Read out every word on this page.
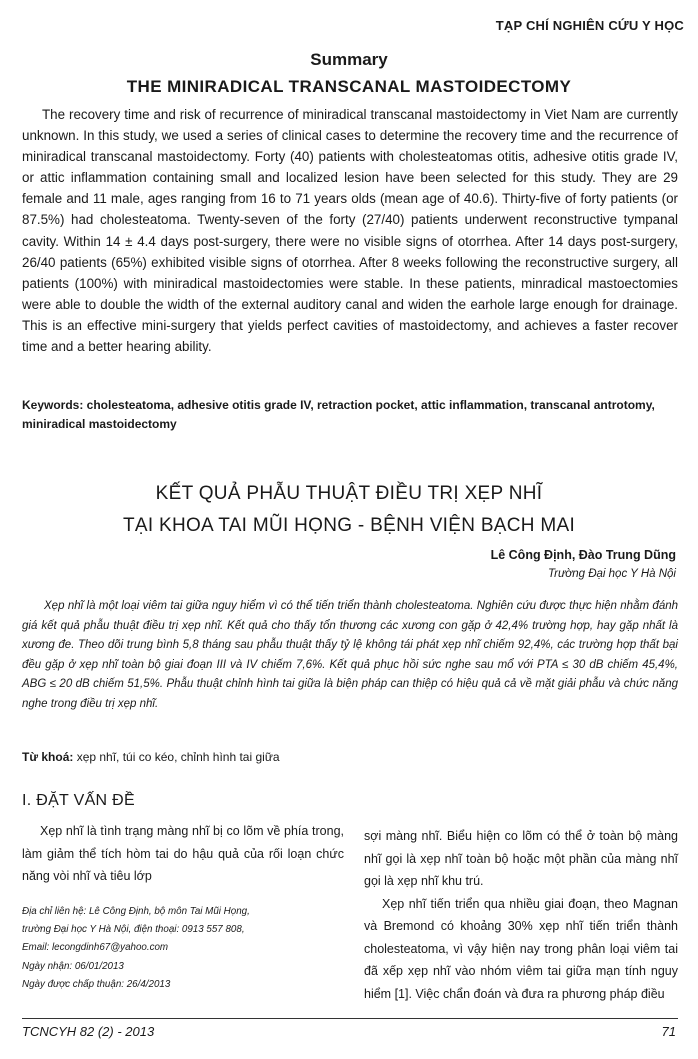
TẠP CHÍ NGHIÊN CỨU Y HỌC
Summary
THE MINIRADICAL TRANSCANAL MASTOIDECTOMY

The recovery time and risk of recurrence of miniradical transcanal mastoidectomy in Viet Nam are currently unknown. In this study, we used a series of clinical cases to determine the recovery time and the recurrence of miniradical transcanal mastoidectomy. Forty (40) patients with cholesteatomas otitis, adhesive otitis grade IV, or attic inflammation containing small and localized lesion have been selected for this study. They are 29 female and 11 male, ages ranging from 16 to 71 years olds (mean age of 40.6). Thirty-five of forty patients (or 87.5%) had cholesteatoma. Twenty-seven of the forty (27/40) patients underwent reconstructive tympanal cavity. Within 14 ± 4.4 days post-surgery, there were no visible signs of otorrhea. After 14 days post-surgery, 26/40 patients (65%) exhibited visible signs of otorrhea. After 8 weeks following the reconstructive surgery, all patients (100%) with miniradical mastoidectomies were stable. In these patients, minradical mastoectomies were able to double the width of the external auditory canal and widen the earhole large enough for drainage. This is an effective mini-surgery that yields perfect cavities of mastoidectomy, and achieves a faster recover time and a better hearing ability.

Keywords: cholesteatoma, adhesive otitis grade IV, retraction pocket, attic inflammation, transcanal antrotomy, miniradical mastoidectomy

KẾT QUẢ PHẪU THUẬT ĐIỀU TRỊ XẸP NHĨ
TẠI KHOA TAI MŨI HỌNG - BỆNH VIỆN BẠCH MAI
Lê Công Định, Đào Trung Dũng
Trường Đại học Y Hà Nội

Xẹp nhĩ là một loại viêm tai giữa nguy hiểm vì có thể tiến triển thành cholesteatoma. Nghiên cứu được thực hiện nhằm đánh giá kết quả phẫu thuật điều trị xẹp nhĩ. Kết quả cho thấy tổn thương các xương con gặp ở 42,4% trường hợp, hay gặp nhất là xương đe. Theo dõi trung bình 5,8 tháng sau phẫu thuật thấy tỷ lệ không tái phát xẹp nhĩ chiếm 92,4%, các trường hợp thất bại đều gặp ở xẹp nhĩ toàn bộ giai đoạn III và IV chiếm 7,6%. Kết quả phục hồi sức nghe sau mổ với PTA ≤ 30 dB chiếm 45,4%, ABG ≤ 20 dB chiếm 51,5%. Phẫu thuật chỉnh hình tai giữa là biện pháp can thiệp có hiệu quả cả về mặt giải phẫu và chức năng nghe trong điều trị xẹp nhĩ.

Từ khoá: xẹp nhĩ, túi co kéo, chỉnh hình tai giữa
I. ĐẶT VẤN ĐỀ

Xẹp nhĩ là tình trạng màng nhĩ bị co lõm về phía trong, làm giảm thể tích hòm tai do hậu quả của rối loạn chức năng vòi nhĩ và tiêu lớp

Địa chỉ liên hệ: Lê Công Định, bộ môn Tai Mũi Họng,
trường Đại học Y Hà Nội, điện thoại: 0913 557 808,
Email: lecongdinh67@yahoo.com
Ngày nhận: 06/01/2013
Ngày được chấp thuận: 26/4/2013

sợi màng nhĩ. Biểu hiện co lõm có thể ở toàn bộ màng nhĩ gọi là xẹp nhĩ toàn bộ hoặc một phần của màng nhĩ gọi là xẹp nhĩ khu trú.

Xẹp nhĩ tiến triển qua nhiều giai đoạn, theo Magnan và Bremond có khoảng 30% xẹp nhĩ tiến triển thành cholesteatoma, vì vậy hiện nay trong phân loại viêm tai đã xếp xẹp nhĩ vào nhóm viêm tai giữa mạn tính nguy hiểm [1]. Việc chẩn đoán và đưa ra phương pháp điều

TCNCYH 82 (2) - 2013	71
